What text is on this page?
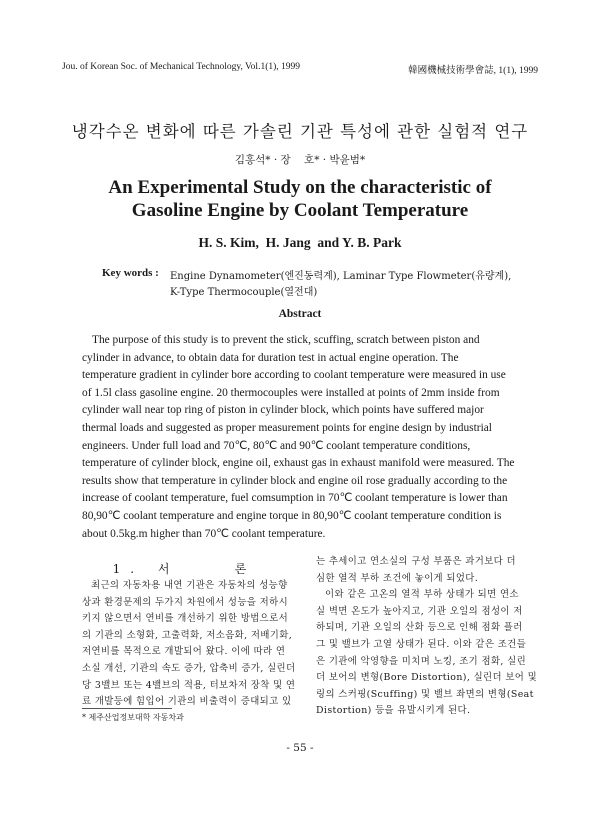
Jou. of Korean Soc. of Mechanical Technology, Vol.1(1), 1999	韓國機械技術學會誌, 1(1), 1999
냉각수온 변화에 따른 가솔린 기관 특성에 관한 실험적 연구
김홍석* · 장    호* · 박윤범*
An Experimental Study on the characteristic of
Gasoline Engine by Coolant Temperature
H. S. Kim,  H. Jang  and Y. B. Park
Key words : Engine Dynamometer(엔진동력계), Laminar Type Flowmeter(유량계),
K-Type Thermocouple(열전대)
Abstract

The purpose of this study is to prevent the stick, scuffing, scratch between piston and

cylinder in advance, to obtain data for duration test in actual engine operation. The

temperature gradient in cylinder bore according to coolant temperature were measured in use

of 1.5l class gasoline engine. 20 thermocouples were installed at points of 2mm inside from

cylinder wall near top ring of piston in cylinder block, which points have suffered major

thermal loads and suggested as proper measurement points for engine design by industrial

engineers. Under full load and 70℃, 80℃ and 90℃ coolant temperature conditions,

temperature of cylinder block, engine oil, exhaust gas in exhaust manifold were measured. The

results show that temperature in cylinder block and engine oil rose gradually according to the

increase of coolant temperature, fuel comsumption in 70℃ coolant temperature is lower than

80,90℃ coolant temperature and engine torque in 80,90℃ coolant temperature condition is

about 0.5kg.m higher than 70℃ coolant temperature.

1. 서    론

최근의 자동차용 내연 기관은 자동차의 성능향

상과 환경문제의 두가지 차원에서 성능을 저하시

키지 않으면서 연비를 개선하기 위한 방법으로서

의 기관의 소형화, 고출력화, 저소음화, 저배기화,

저연비를 목적으로 개발되어 왔다. 이에 따라 연

소실 개선, 기관의 속도 증가, 압축비 증가, 실린더

당 3밸브 또는 4밸브의 적용, 터보차저 장착 및 연

료 개발등에 힘입어 기관의 비출력이 증대되고 있

는 추세이고 연소실의 구성 부품은 과거보다 더

심한 열적 부하 조건에 놓이게 되었다.

이와 같은 고온의 열적 부하 상태가 되면 연소

실 벽면 온도가 높아지고, 기관 오일의 점성이 저

하되며, 기관 오일의 산화 등으로 인해 점화 플러

그 및 밸브가 고열 상태가 된다. 이와 같은 조건들

은 기관에 악영향을 미치며 노킹, 조기 점화, 실린

더 보어의 변형(Bore Distortion), 실린더 보어 및

링의 스커핑(Scuffing) 및 밸브 좌면의 변형(Seat

Distortion) 등을 유발시키게 된다.

* 제주산업정보대학 자동차과
- 55 -
